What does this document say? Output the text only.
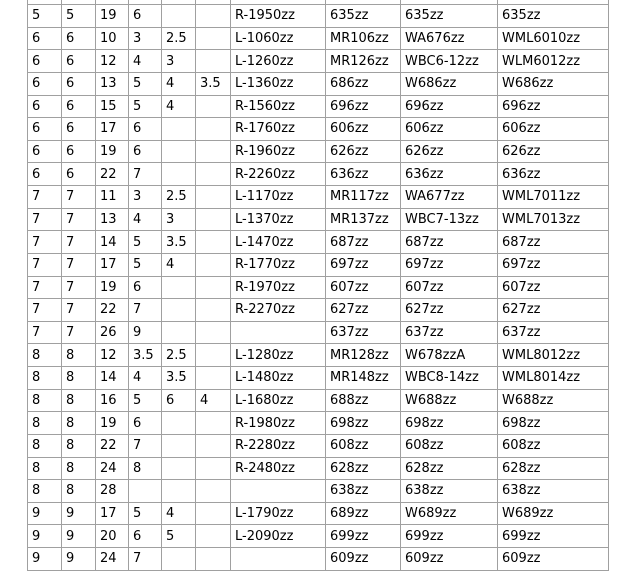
5	5	19	6			R-1950zz	635zz	635zz	635zz
6	6	10	3	2.5		L-1060zz	MR106zz	WA676zz	WML6010zz
6	6	12	4	3		L-1260zz	MR126zz	WBC6-12zz	WLM6012zz
6	6	13	5	4	3.5	L-1360zz	686zz	W686zz	W686zz
6	6	15	5	4		R-1560zz	696zz	696zz	696zz
6	6	17	6			R-1760zz	606zz	606zz	606zz
6	6	19	6			R-1960zz	626zz	626zz	626zz
6	6	22	7			R-2260zz	636zz	636zz	636zz
7	7	11	3	2.5		L-1170zz	MR117zz	WA677zz	WML7011zz
7	7	13	4	3		L-1370zz	MR137zz	WBC7-13zz	WML7013zz
7	7	14	5	3.5		L-1470zz	687zz	687zz	687zz
7	7	17	5	4		R-1770zz	697zz	697zz	697zz
7	7	19	6			R-1970zz	607zz	607zz	607zz
7	7	22	7			R-2270zz	627zz	627zz	627zz
7	7	26	9				637zz	637zz	637zz
8	8	12	3.5	2.5		L-1280zz	MR128zz	W678zzA	WML8012zz
8	8	14	4	3.5		L-1480zz	MR148zz	WBC8-14zz	WML8014zz
8	8	16	5	6	4	L-1680zz	688zz	W688zz	W688zz
8	8	19	6			R-1980zz	698zz	698zz	698zz
8	8	22	7			R-2280zz	608zz	608zz	608zz
8	8	24	8			R-2480zz	628zz	628zz	628zz
8	8	28					638zz	638zz	638zz
9	9	17	5	4		L-1790zz	689zz	W689zz	W689zz
9	9	20	6	5		L-2090zz	699zz	699zz	699zz
9	9	24	7				609zz	609zz	609zz
